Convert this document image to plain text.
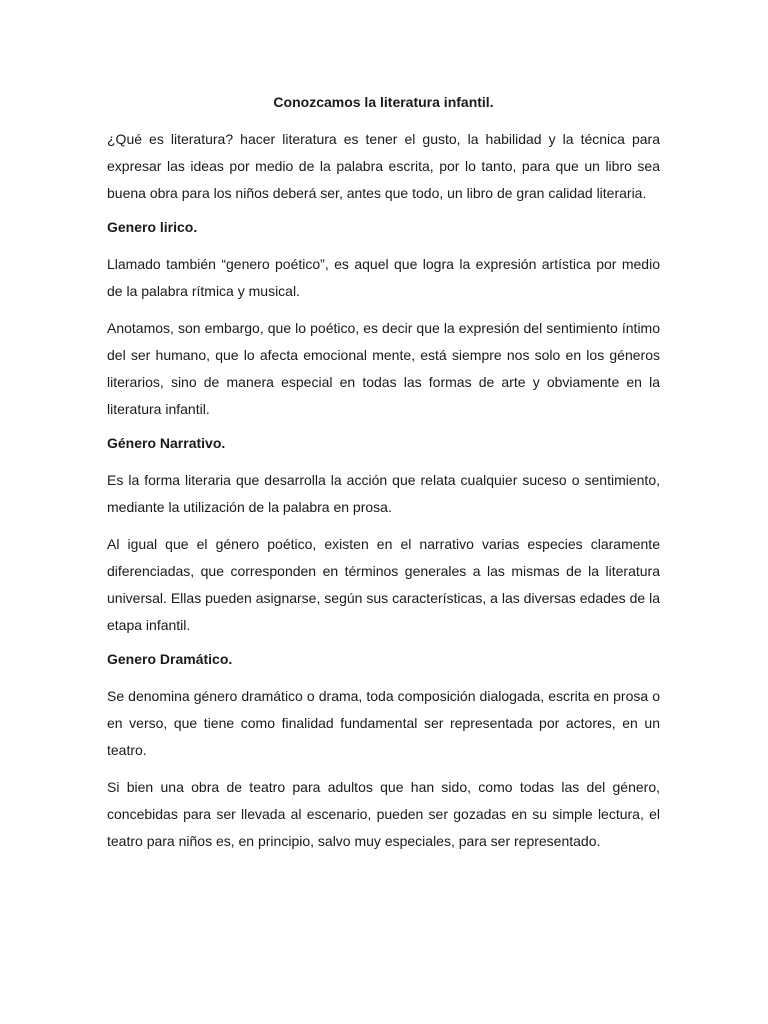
Conozcamos la literatura infantil.

¿Qué es literatura? hacer literatura es tener el gusto, la habilidad y la técnica para expresar las ideas por medio de la palabra escrita, por lo tanto, para que un libro sea buena obra para los niños deberá ser, antes que todo, un libro de gran calidad literaria.

Genero lirico.

Llamado también “genero poético”, es aquel que logra la expresión artística por medio de la palabra rítmica y musical.

Anotamos, son embargo, que lo poético, es decir que la expresión del sentimiento íntimo del ser humano, que lo afecta emocional mente, está siempre nos solo en los géneros literarios, sino de manera especial en todas las formas de arte y obviamente en la literatura infantil.

Género Narrativo.

Es la forma literaria que desarrolla la acción que relata cualquier suceso o sentimiento, mediante la utilización de la palabra en prosa.

Al igual que el género poético, existen en el narrativo varias especies claramente diferenciadas, que corresponden en términos generales a las mismas de la literatura universal. Ellas pueden asignarse, según sus características, a las diversas edades de la etapa infantil.

Genero Dramático.

Se denomina género dramático o drama, toda composición dialogada, escrita en prosa o en verso, que tiene como finalidad fundamental ser representada por actores, en un teatro.

Si bien una obra de teatro para adultos que han sido, como todas las del género, concebidas para ser llevada al escenario, pueden ser gozadas en su simple lectura, el teatro para niños es, en principio, salvo muy especiales, para ser representado.
